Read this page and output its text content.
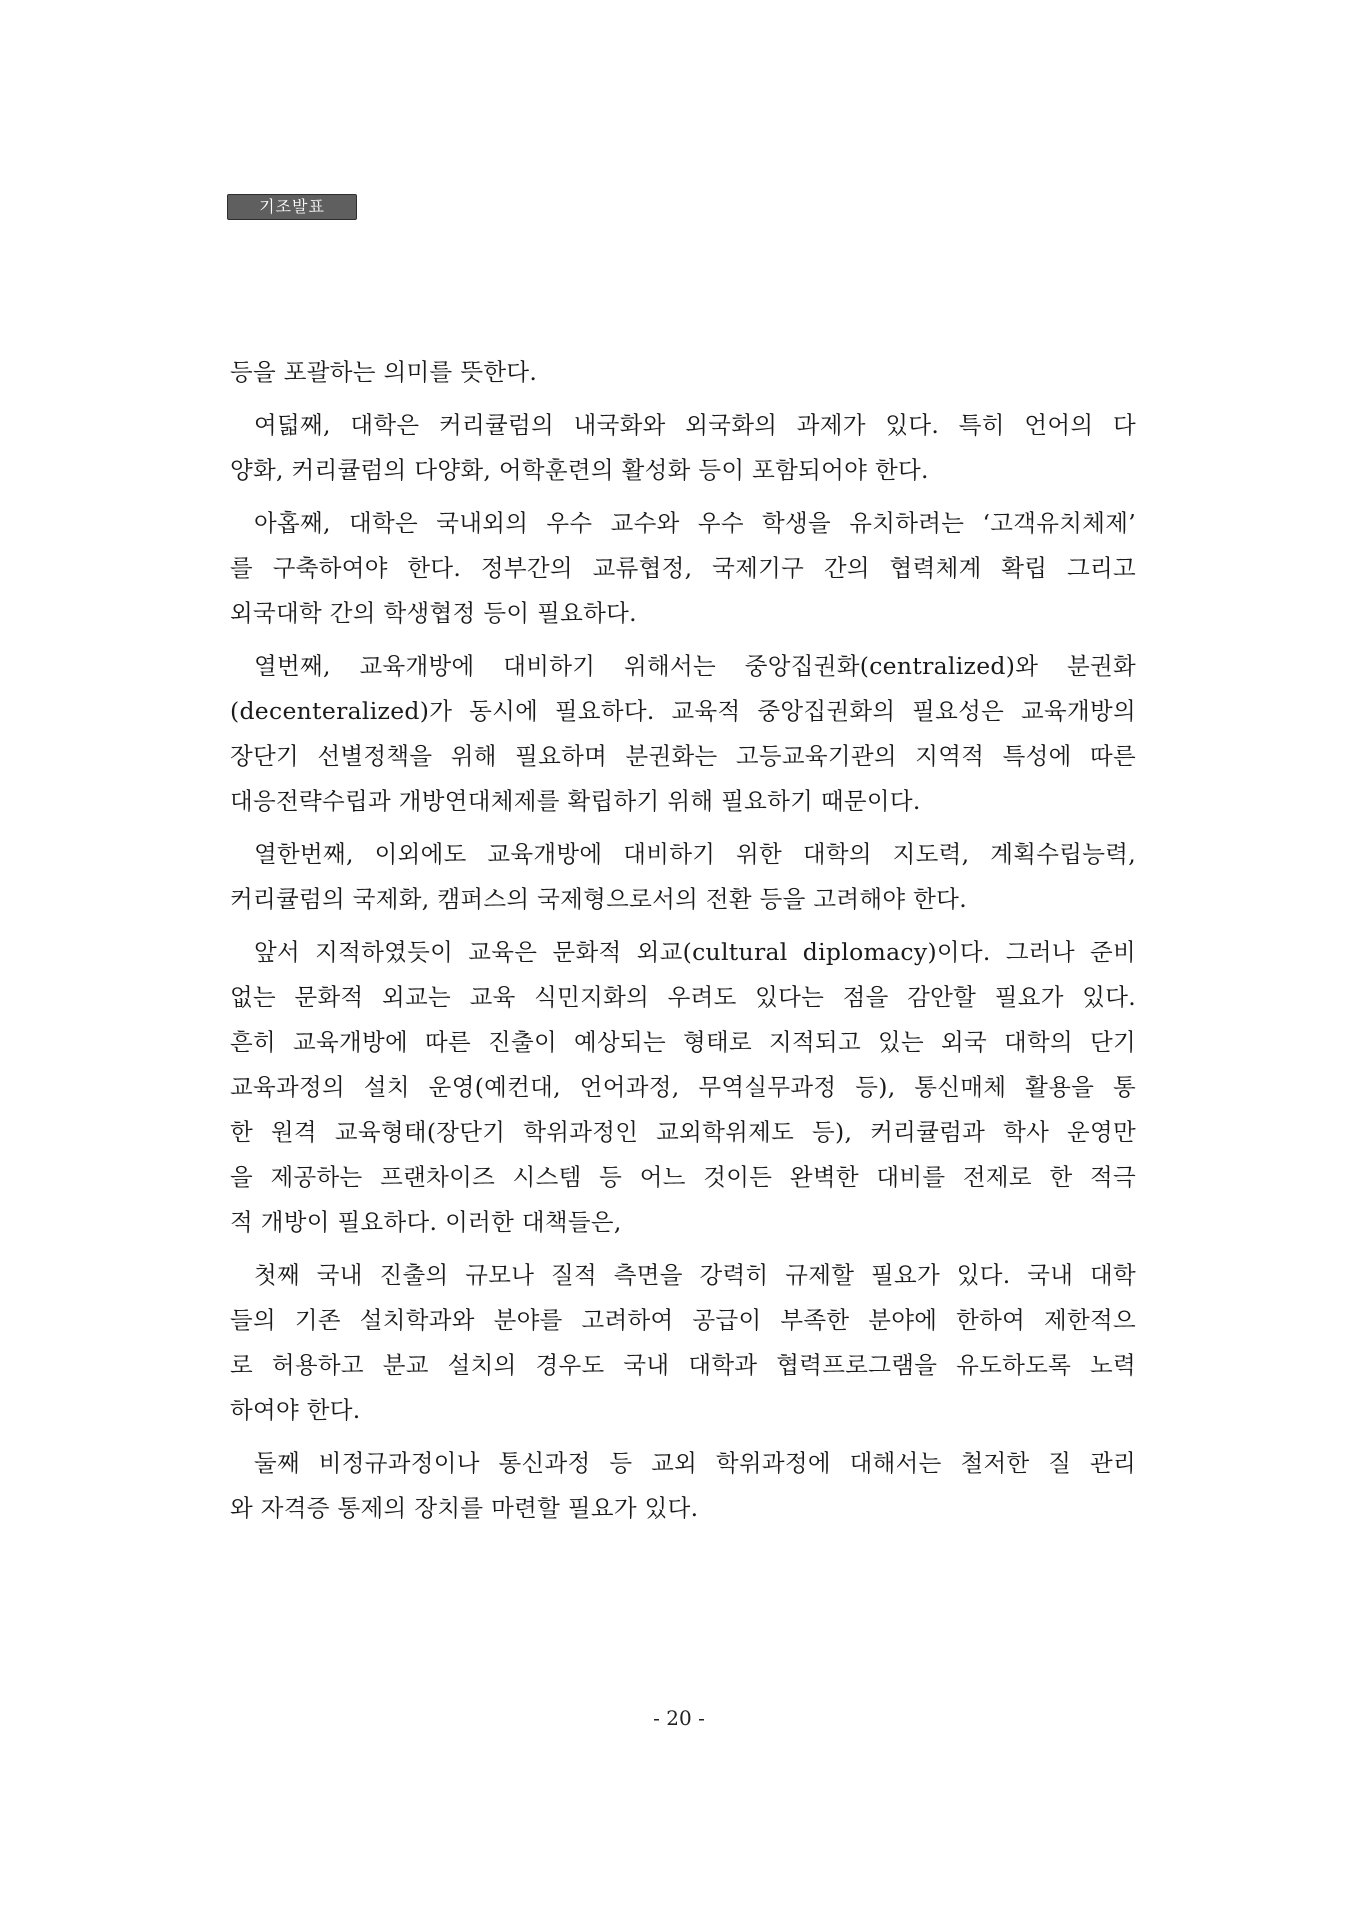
기조발표
등을 포괄하는 의미를 뜻한다.
여덟째, 대학은 커리큘럼의 내국화와 외국화의 과제가 있다. 특히 언어의 다
양화, 커리큘럼의 다양화, 어학훈련의 활성화 등이 포함되어야 한다.
아홉째, 대학은 국내외의 우수 교수와 우수 학생을 유치하려는 ‘고객유치체제’
를 구축하여야 한다. 정부간의 교류협정, 국제기구 간의 협력체계 확립 그리고
외국대학 간의 학생협정 등이 필요하다.
열번째, 교육개방에 대비하기 위해서는 중앙집권화(centralized)와 분권화
(decenteralized)가 동시에 필요하다. 교육적 중앙집권화의 필요성은 교육개방의
장단기 선별정책을 위해 필요하며 분권화는 고등교육기관의 지역적 특성에 따른
대응전략수립과 개방연대체제를 확립하기 위해 필요하기 때문이다.
열한번째, 이외에도 교육개방에 대비하기 위한 대학의 지도력, 계획수립능력,
커리큘럼의 국제화, 캠퍼스의 국제형으로서의 전환 등을 고려해야 한다.
앞서 지적하였듯이 교육은 문화적 외교(cultural diplomacy)이다. 그러나 준비
없는 문화적 외교는 교육 식민지화의 우려도 있다는 점을 감안할 필요가 있다.
흔히 교육개방에 따른 진출이 예상되는 형태로 지적되고 있는 외국 대학의 단기
교육과정의 설치 운영(예컨대, 언어과정, 무역실무과정 등), 통신매체 활용을 통
한 원격 교육형태(장단기 학위과정인 교외학위제도 등), 커리큘럼과 학사 운영만
을 제공하는 프랜차이즈 시스템 등 어느 것이든 완벽한 대비를 전제로 한 적극
적 개방이 필요하다. 이러한 대책들은,
첫째 국내 진출의 규모나 질적 측면을 강력히 규제할 필요가 있다. 국내 대학
들의 기존 설치학과와 분야를 고려하여 공급이 부족한 분야에 한하여 제한적으
로 허용하고 분교 설치의 경우도 국내 대학과 협력프로그램을 유도하도록 노력
하여야 한다.
둘째 비정규과정이나 통신과정 등 교외 학위과정에 대해서는 철저한 질 관리
와 자격증 통제의 장치를 마련할 필요가 있다.
- 20 -
